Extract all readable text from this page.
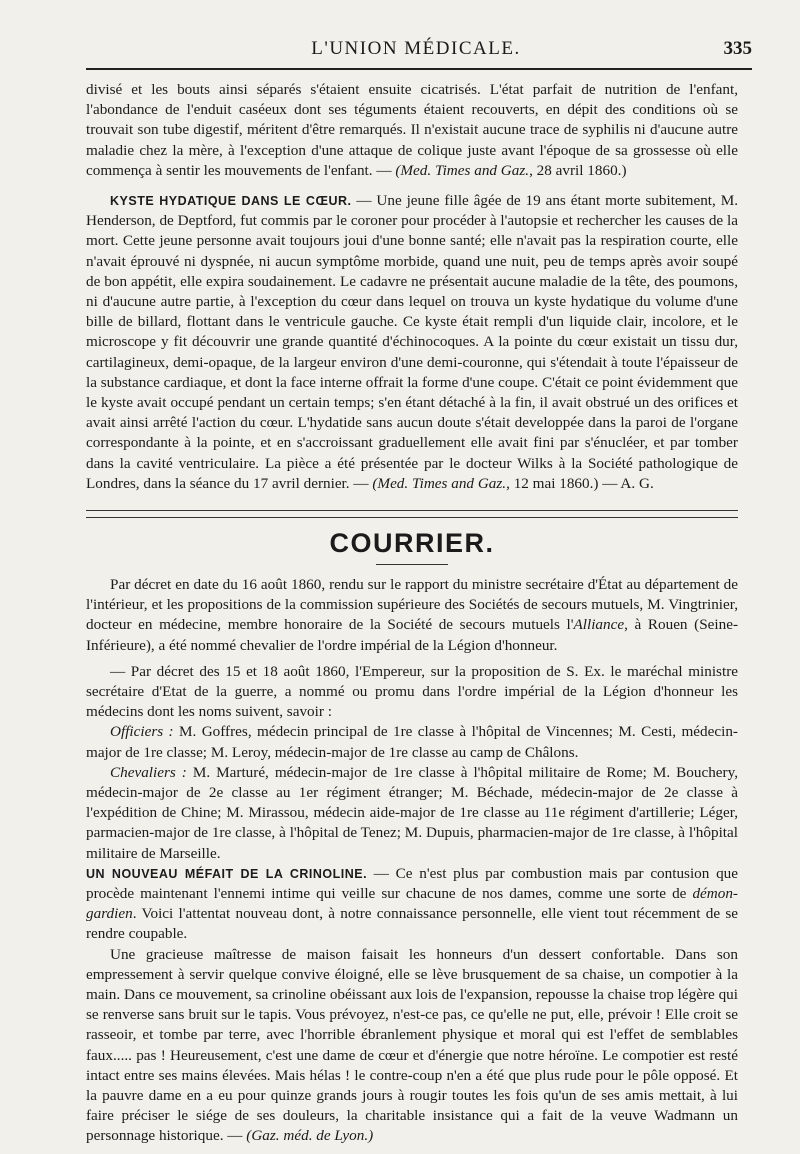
L'UNION MÉDICALE.	335

divisé et les bouts ainsi séparés s'étaient ensuite cicatrisés. L'état parfait de nutrition de l'enfant, l'abondance de l'enduit caséeux dont ses téguments étaient recouverts, en dépit des conditions où se trouvait son tube digestif, méritent d'être remarqués. Il n'existait aucune trace de syphilis ni d'aucune autre maladie chez la mère, à l'exception d'une attaque de colique juste avant l'époque de sa grossesse où elle commença à sentir les mouvements de l'enfant. — (Med. Times and Gaz., 28 avril 1860.)

KYSTE HYDATIQUE DANS LE CŒUR. — Une jeune fille âgée de 19 ans étant morte subitement, M. Henderson, de Deptford, fut commis par le coroner pour procéder à l'autopsie et rechercher les causes de la mort. Cette jeune personne avait toujours joui d'une bonne santé; elle n'avait pas la respiration courte, elle n'avait éprouvé ni dyspnée, ni aucun symptôme morbide, quand une nuit, peu de temps après avoir soupé de bon appétit, elle expira soudainement. Le cadavre ne présentait aucune maladie de la tête, des poumons, ni d'aucune autre partie, à l'exception du cœur dans lequel on trouva un kyste hydatique du volume d'une bille de billard, flottant dans le ventricule gauche. Ce kyste était rempli d'un liquide clair, incolore, et le microscope y fit découvrir une grande quantité d'échinocoques. A la pointe du cœur existait un tissu dur, cartilagineux, demi-opaque, de la largeur environ d'une demi-couronne, qui s'étendait à toute l'épaisseur de la substance cardiaque, et dont la face interne offrait la forme d'une coupe. C'était ce point évidemment que le kyste avait occupé pendant un certain temps; s'en étant détaché à la fin, il avait obstrué un des orifices et avait ainsi arrêté l'action du cœur. L'hydatide sans aucun doute s'était developpée dans la paroi de l'organe correspondante à la pointe, et en s'accroissant graduellement elle avait fini par s'énucléer, et par tomber dans la cavité ventriculaire. La pièce a été présentée par le docteur Wilks à la Société pathologique de Londres, dans la séance du 17 avril dernier. — (Med. Times and Gaz., 12 mai 1860.) — A. G.

COURRIER.

Par décret en date du 16 août 1860, rendu sur le rapport du ministre secrétaire d'État au département de l'intérieur, et les propositions de la commission supérieure des Sociétés de secours mutuels, M. Vingtrinier, docteur en médecine, membre honoraire de la Société de secours mutuels l'Alliance, à Rouen (Seine-Inférieure), a été nommé chevalier de l'ordre impérial de la Légion d'honneur.

— Par décret des 15 et 18 août 1860, l'Empereur, sur la proposition de S. Ex. le maréchal ministre secrétaire d'Etat de la guerre, a nommé ou promu dans l'ordre impérial de la Légion d'honneur les médecins dont les noms suivent, savoir :

Officiers : M. Goffres, médecin principal de 1re classe à l'hôpital de Vincennes; M. Cesti, médecin-major de 1re classe; M. Leroy, médecin-major de 1re classe au camp de Châlons.

Chevaliers : M. Marturé, médecin-major de 1re classe à l'hôpital militaire de Rome; M. Bouchery, médecin-major de 2e classe au 1er régiment étranger; M. Béchade, médecin-major de 2e classe à l'expédition de Chine; M. Mirassou, médecin aide-major de 1re classe au 11e régiment d'artillerie; Léger, parmacien-major de 1re classe, à l'hôpital de Tenez; M. Dupuis, pharmacien-major de 1re classe, à l'hôpital militaire de Marseille.

UN NOUVEAU MÉFAIT DE LA CRINOLINE. — Ce n'est plus par combustion mais par contusion que procède maintenant l'ennemi intime qui veille sur chacune de nos dames, comme une sorte de démon-gardien. Voici l'attentat nouveau dont, à notre connaissance personnelle, elle vient tout récemment de se rendre coupable.

Une gracieuse maîtresse de maison faisait les honneurs d'un dessert confortable. Dans son empressement à servir quelque convive éloigné, elle se lève brusquement de sa chaise, un compotier à la main. Dans ce mouvement, sa crinoline obéissant aux lois de l'expansion, repousse la chaise trop légère qui se renverse sans bruit sur le tapis. Vous prévoyez, n'est-ce pas, ce qu'elle ne put, elle, prévoir ! Elle croit se rasseoir, et tombe par terre, avec l'horrible ébranlement physique et moral qui est l'effet de semblables faux..... pas ! Heureusement, c'est une dame de cœur et d'énergie que notre héroïne. Le compotier est resté intact entre ses mains élevées. Mais hélas ! le contre-coup n'en a été que plus rude pour le pôle opposé. Et la pauvre dame en a eu pour quinze grands jours à rougir toutes les fois qu'un de ses amis mettait, à lui faire préciser le siége de ses douleurs, la charitable insistance qui a fait de la veuve Wadmann un personnage historique. — (Gaz. méd. de Lyon.)
